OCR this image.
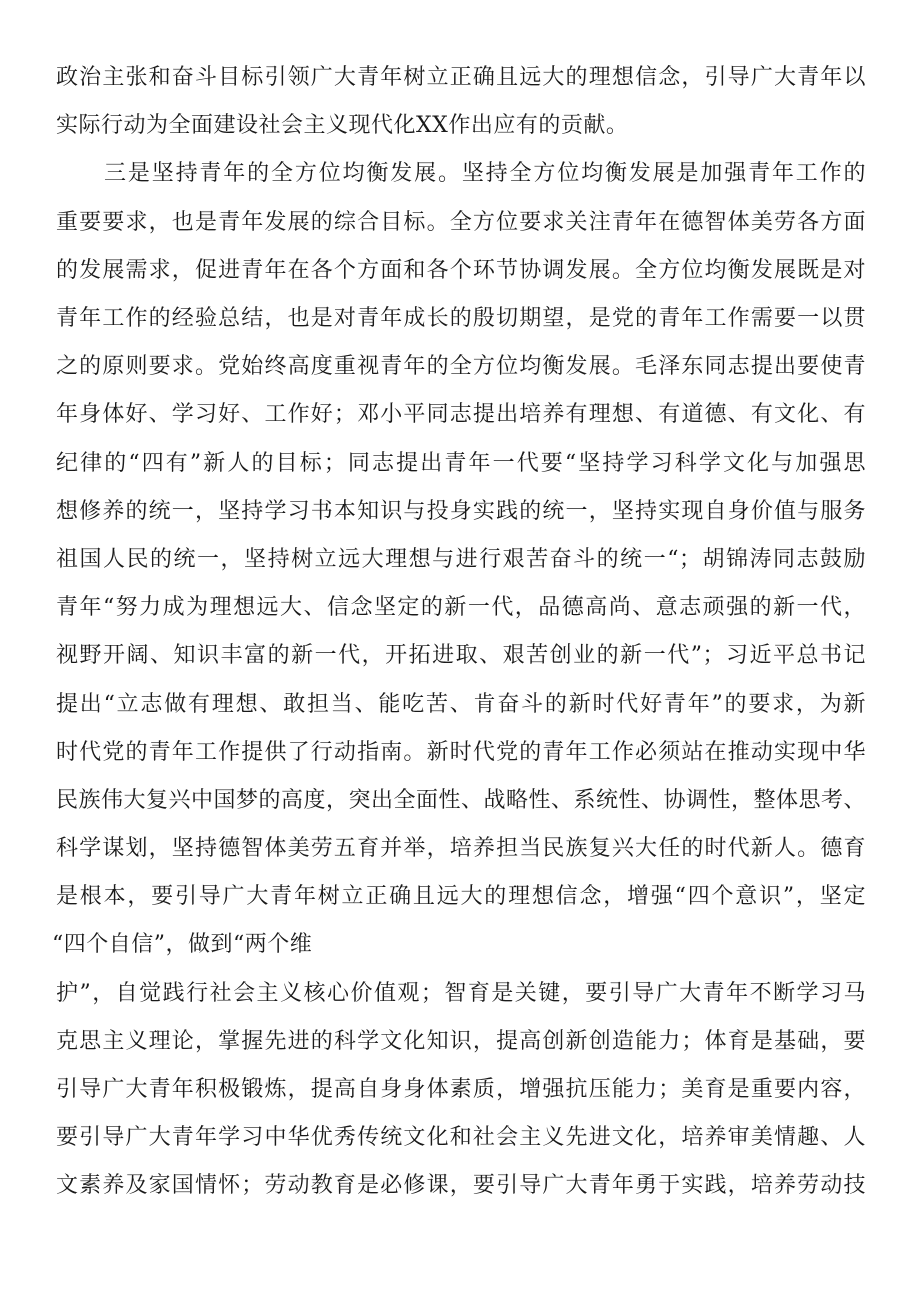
政治主张和奋斗目标引领广大青年树立正确且远大的理想信念，引导广大青年以
实际行动为全面建设社会主义现代化XX作出应有的贡献。
三是坚持青年的全方位均衡发展。坚持全方位均衡发展是加强青年工作的
重要要求，也是青年发展的综合目标。全方位要求关注青年在德智体美劳各方面
的发展需求，促进青年在各个方面和各个环节协调发展。全方位均衡发展既是对
青年工作的经验总结，也是对青年成长的殷切期望，是党的青年工作需要一以贯
之的原则要求。党始终高度重视青年的全方位均衡发展。毛泽东同志提出要使青
年身体好、学习好、工作好；邓小平同志提出培养有理想、有道德、有文化、有
纪律的“四有”新人的目标；同志提出青年一代要“坚持学习科学文化与加强思
想修养的统一，坚持学习书本知识与投身实践的统一，坚持实现自身价值与服务
祖国人民的统一，坚持树立远大理想与进行艰苦奋斗的统一“；胡锦涛同志鼓励
青年“努力成为理想远大、信念坚定的新一代，品德高尚、意志顽强的新一代，
视野开阔、知识丰富的新一代，开拓进取、艰苦创业的新一代”；习近平总书记
提出“立志做有理想、敢担当、能吃苦、肯奋斗的新时代好青年”的要求，为新
时代党的青年工作提供了行动指南。新时代党的青年工作必须站在推动实现中华
民族伟大复兴中国梦的高度，突出全面性、战略性、系统性、协调性，整体思考、
科学谋划，坚持德智体美劳五育并举，培养担当民族复兴大任的时代新人。德育
是根本，要引导广大青年树立正确且远大的理想信念，增强“四个意识”，坚定
“四个自信”，做到“两个维
护”，自觉践行社会主义核心价值观；智育是关键，要引导广大青年不断学习马
克思主义理论，掌握先进的科学文化知识，提高创新创造能力；体育是基础，要
引导广大青年积极锻炼，提高自身身体素质，增强抗压能力；美育是重要内容，
要引导广大青年学习中华优秀传统文化和社会主义先进文化，培养审美情趣、人
文素养及家国情怀；劳动教育是必修课，要引导广大青年勇于实践，培养劳动技
